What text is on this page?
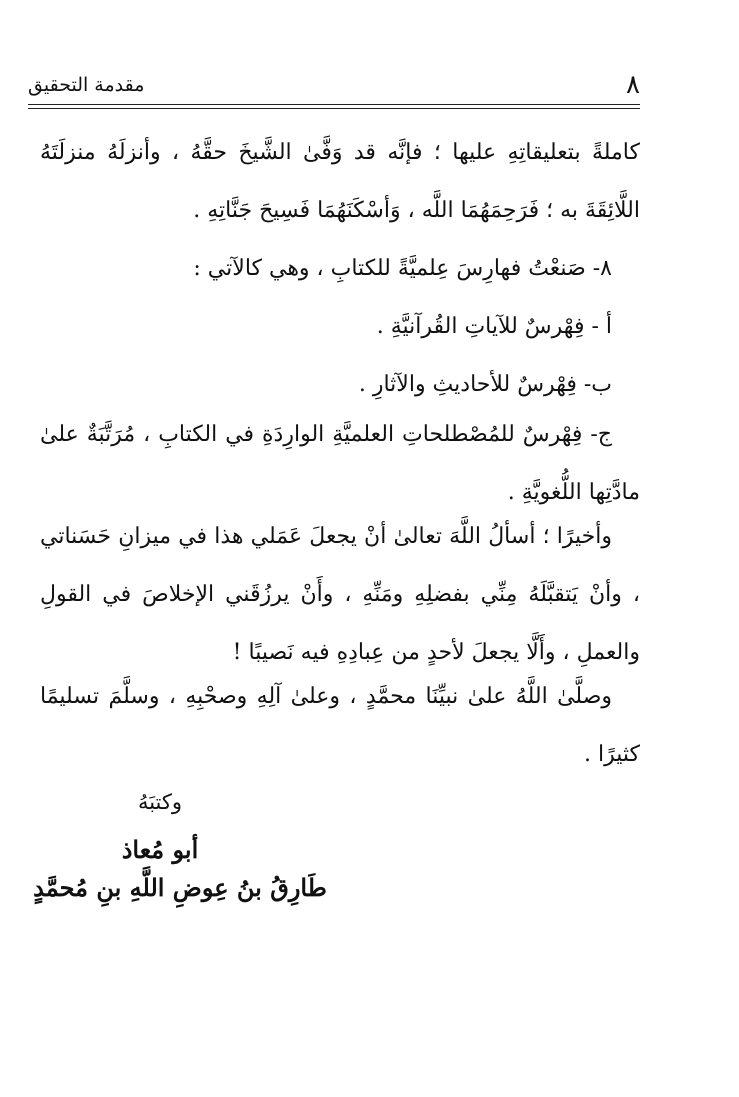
٨
مقدمة التحقيق
كاملةً بتعليقاتِهِ عليها ؛ فإنَّه قد وَفَّىٰ الشَّيخَ حقَّهُ ، وأنزلَهُ منزلَتَهُ اللَّائِقَةَ به ؛ فَرَحِمَهُمَا اللَّه ، وَأسْكَنَهُمَا فَسِيحَ جَنَّاتِهِ .

٨- صَنعْتُ فهارِسَ عِلميَّةً للكتابِ ، وهي كالآتي :

أ - فِهْرسٌ للآياتِ القُرآنيَّةِ .

ب- فِهْرسٌ للأحاديثِ والآثارِ .

ج- فِهْرسٌ للمُصْطلحاتِ العلميَّةِ الوارِدَةِ في الكتابِ ، مُرَتَّبَةٌ علىٰ مادَّتِها اللُّغويَّةِ .
وأخيرًا ؛ أسألُ اللَّهَ تعالىٰ أنْ يجعلَ عَمَلي هذا في ميزانِ حَسَناتي ، وأنْ يَتقبَّلَهُ مِنِّي بفضلِهِ ومَنِّهِ ، وأَنْ يرزُقَني الإخلاصَ في القولِ والعملِ ، وأَلَّا يجعلَ لأحدٍ من عِبادِهِ فيه نَصيبًا !
وصلَّىٰ اللَّهُ علىٰ نبيِّنَا محمَّدٍ ، وعلىٰ آلِهِ وصحْبِهِ ، وسلَّمَ تسليمًا كثيرًا .
وكتبَهُ
أبو مُعاذ
طَارِقُ بنُ عِوضِ اللَّهِ بنِ مُحمَّدٍ
